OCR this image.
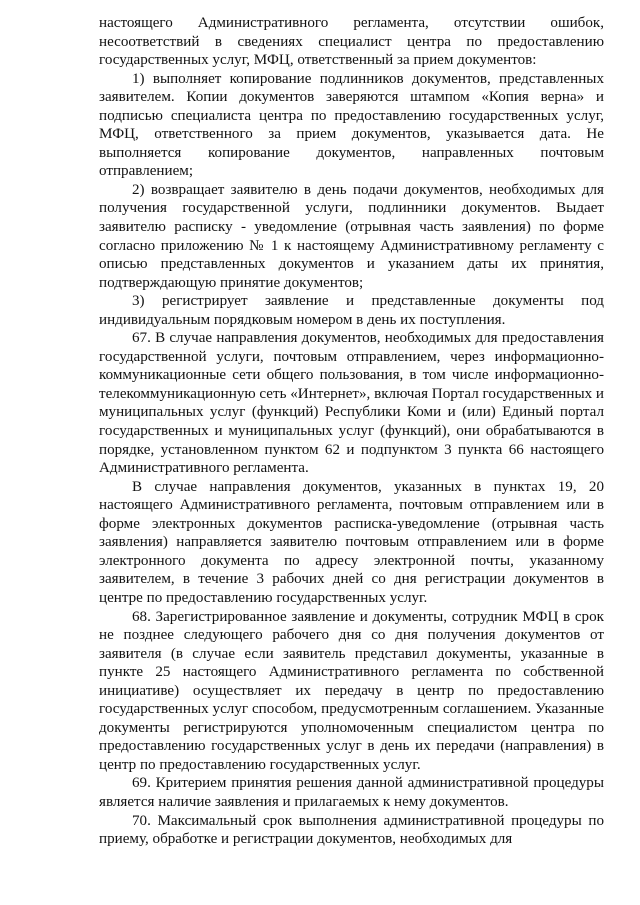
настоящего Административного регламента, отсутствии ошибок, несоответствий в сведениях специалист центра по предоставлению государственных услуг, МФЦ, ответственный за прием документов:

1) выполняет копирование подлинников документов, представленных заявителем. Копии документов заверяются штампом «Копия верна» и подписью специалиста центра по предоставлению государственных услуг, МФЦ, ответственного за прием документов, указывается дата. Не выполняется копирование документов, направленных почтовым отправлением;

2) возвращает заявителю в день подачи документов, необходимых для получения государственной услуги, подлинники документов. Выдает заявителю расписку - уведомление (отрывная часть заявления) по форме согласно приложению № 1 к настоящему Административному регламенту с описью представленных документов и указанием даты их принятия, подтверждающую принятие документов;

3) регистрирует заявление и представленные документы под индивидуальным порядковым номером в день их поступления.

67. В случае направления документов, необходимых для предоставления государственной услуги, почтовым отправлением, через информационно-коммуникационные сети общего пользования, в том числе информационно-телекоммуникационную сеть «Интернет», включая Портал государственных и муниципальных услуг (функций) Республики Коми и (или) Единый портал государственных и муниципальных услуг (функций), они обрабатываются в порядке, установленном пунктом 62 и подпунктом 3 пункта 66 настоящего Административного регламента.

В случае направления документов, указанных в пунктах 19, 20 настоящего Административного регламента, почтовым отправлением или в форме электронных документов расписка-уведомление (отрывная часть заявления) направляется заявителю почтовым отправлением или в форме электронного документа по адресу электронной почты, указанному заявителем, в течение 3 рабочих дней со дня регистрации документов в центре по предоставлению государственных услуг.

68. Зарегистрированное заявление и документы, сотрудник МФЦ в срок не позднее следующего рабочего дня со дня получения документов от заявителя (в случае если заявитель представил документы, указанные в пункте 25 настоящего Административного регламента по собственной инициативе) осуществляет их передачу в центр по предоставлению государственных услуг способом, предусмотренным соглашением. Указанные документы регистрируются уполномоченным специалистом центра по предоставлению государственных услуг в день их передачи (направления) в центр по предоставлению государственных услуг.

69. Критерием принятия решения данной административной процедуры является наличие заявления и прилагаемых к нему документов.

70. Максимальный срок выполнения административной процедуры по приему, обработке и регистрации документов, необходимых для
